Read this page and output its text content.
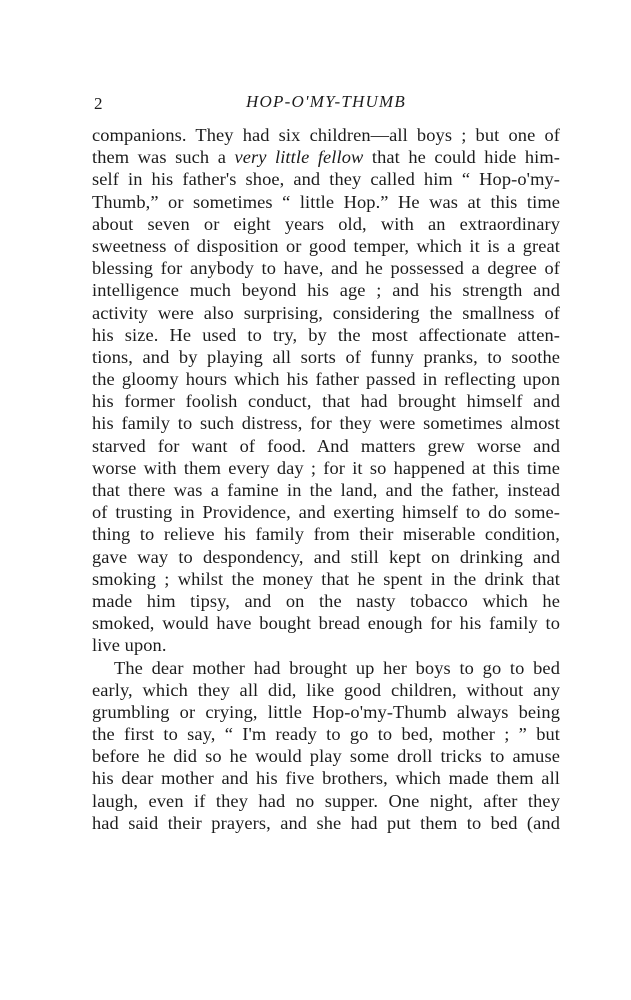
2	HOP-O'MY-THUMB
companions. They had six children—all boys ; but one of
them was such a very little fellow that he could hide him-
self in his father's shoe, and they called him “ Hop-o'my-
Thumb,” or sometimes “ little Hop.” He was at this time
about seven or eight years old, with an extraordinary
sweetness of disposition or good temper, which it is a great
blessing for anybody to have, and he possessed a degree of
intelligence much beyond his age ; and his strength and
activity were also surprising, considering the smallness of
his size. He used to try, by the most affectionate atten-
tions, and by playing all sorts of funny pranks, to soothe
the gloomy hours which his father passed in reflecting upon
his former foolish conduct, that had brought himself and
his family to such distress, for they were sometimes almost
starved for want of food. And matters grew worse and
worse with them every day ; for it so happened at this time
that there was a famine in the land, and the father, instead
of trusting in Providence, and exerting himself to do some-
thing to relieve his family from their miserable condition,
gave way to despondency, and still kept on drinking and
smoking ; whilst the money that he spent in the drink that
made him tipsy, and on the nasty tobacco which he
smoked, would have bought bread enough for his family to
live upon.
The dear mother had brought up her boys to go to bed
early, which they all did, like good children, without any
grumbling or crying, little Hop-o'my-Thumb always being
the first to say, “ I'm ready to go to bed, mother ; ” but
before he did so he would play some droll tricks to amuse
his dear mother and his five brothers, which made them all
laugh, even if they had no supper. One night, after they
had said their prayers, and she had put them to bed (and
